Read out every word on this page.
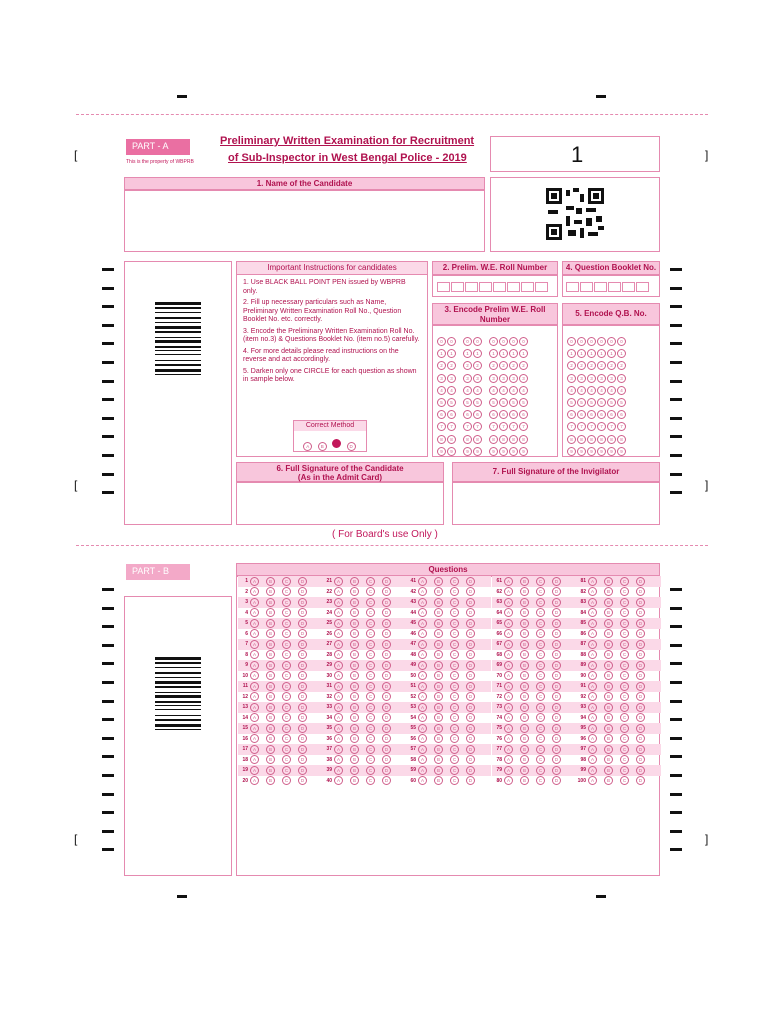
PART - A
This is the property of WBPRB
Preliminary Written Examination for Recruitment
of Sub-Inspector in West Bengal Police - 2019	1
1. Name of the Candidate
Important Instructions for candidates
1. Use BLACK BALL POINT PEN issued by WBPRB only.
2. Fill up necessary particulars such as Name, Preliminary Written Examination Roll No., Question Booklet No. etc. correctly.
3. Encode the Preliminary Written Examination Roll No.(item no.3) & Questions Booklet No. (item no.5) carefully.
4. For more details please read instructions on the reverse and act accordingly.
5. Darken only one CIRCLE for each question as shown in sample below.
Correct Method
A	B	D
2. Prelim. W.E. Roll Number	4. Question Booklet No.
3. Encode Prelim W.E. Roll Number
5. Encode Q.B. No.
0 0	0 0	0 0 0 0
1 1	1 1	1 1 1 1
2 2	2 2	2 2 2 2
3 3	3 3	3 3 3 3
4 4	4 4	4 4 4 4
5 5	5 5	5 5 5 5
6 6	6 6	6 6 6 6
7 7	7 7	7 7 7 7
8 8	8 8	8 8 8 8
9 9	9 9	9 9 9 9
0 0 0 0 0 0
1 1 1 1 1 1
2 2 2 2 2 2
3 3 3 3 3 3
4 4 4 4 4 4
5 5 5 5 5 5
6 6 6 6 6 6
7 7 7 7 7 7
8 8 8 8 8 8
9 9 9 9 9 9
6. Full Signature of the Candidate
(As in the Admit Card)
7. Full Signature of the Invigilator
( For Board's use Only )
PART - B	Questions
1	A	B	C	D
2	A	B	C	D
3	A	B	C	D
4	A	B	C	D
5	A	B	C	D
6	A	B	C	D
7	A	B	C	D
8	A	B	C	D
9	A	B	C	D
10	A	B	C	D
11	A	B	C	D
12	A	B	C	D
13	A	B	C	D
14	A	B	C	D
15	A	B	C	D
16	A	B	C	D
17	A	B	C	D
18	A	B	C	D
19	A	B	C	D
20	A	B	C	D
21	A	B	C	D
22	A	B	C	D
23	A	B	C	D
24	A	B	C	D
25	A	B	C	D
26	A	B	C	D
27	A	B	C	D
28	A	B	C	D
29	A	B	C	D
30	A	B	C	D
31	A	B	C	D
32	A	B	C	D
33	A	B	C	D
34	A	B	C	D
35	A	B	C	D
36	A	B	C	D
37	A	B	C	D
38	A	B	C	D
39	A	B	C	D
40	A	B	C	D
41	A	B	C	D
42	A	B	C	D
43	A	B	C	D
44	A	B	C	D
45	A	B	C	D
46	A	B	C	D
47	A	B	C	D
48	A	B	C	D
49	A	B	C	D
50	A	B	C	D
51	A	B	C	D
52	A	B	C	D
53	A	B	C	D
54	A	B	C	D
55	A	B	C	D
56	A	B	C	D
57	A	B	C	D
58	A	B	C	D
59	A	B	C	D
60	A	B	C	D
61	A	B	C	D
62	A	B	C	D
63	A	B	C	D
64	A	B	C	D
65	A	B	C	D
66	A	B	C	D
67	A	B	C	D
68	A	B	C	D
69	A	B	C	D
70	A	B	C	D
71	A	B	C	D
72	A	B	C	D
73	A	B	C	D
74	A	B	C	D
75	A	B	C	D
76	A	B	C	D
77	A	B	C	D
78	A	B	C	D
79	A	B	C	D
80	A	B	C	D
81	A	B	C	D
82	A	B	C	D
83	A	B	C	D
84	A	B	C	D
85	A	B	C	D
86	A	B	C	D
87	A	B	C	D
88	A	B	C	D
89	A	B	C	D
90	A	B	C	D
91	A	B	C	D
92	A	B	C	D
93	A	B	C	D
94	A	B	C	D
95	A	B	C	D
96	A	B	C	D
97	A	B	C	D
98	A	B	C	D
99	A	B	C	D
100	A	B	C	D
[	]
[	]
[	]
